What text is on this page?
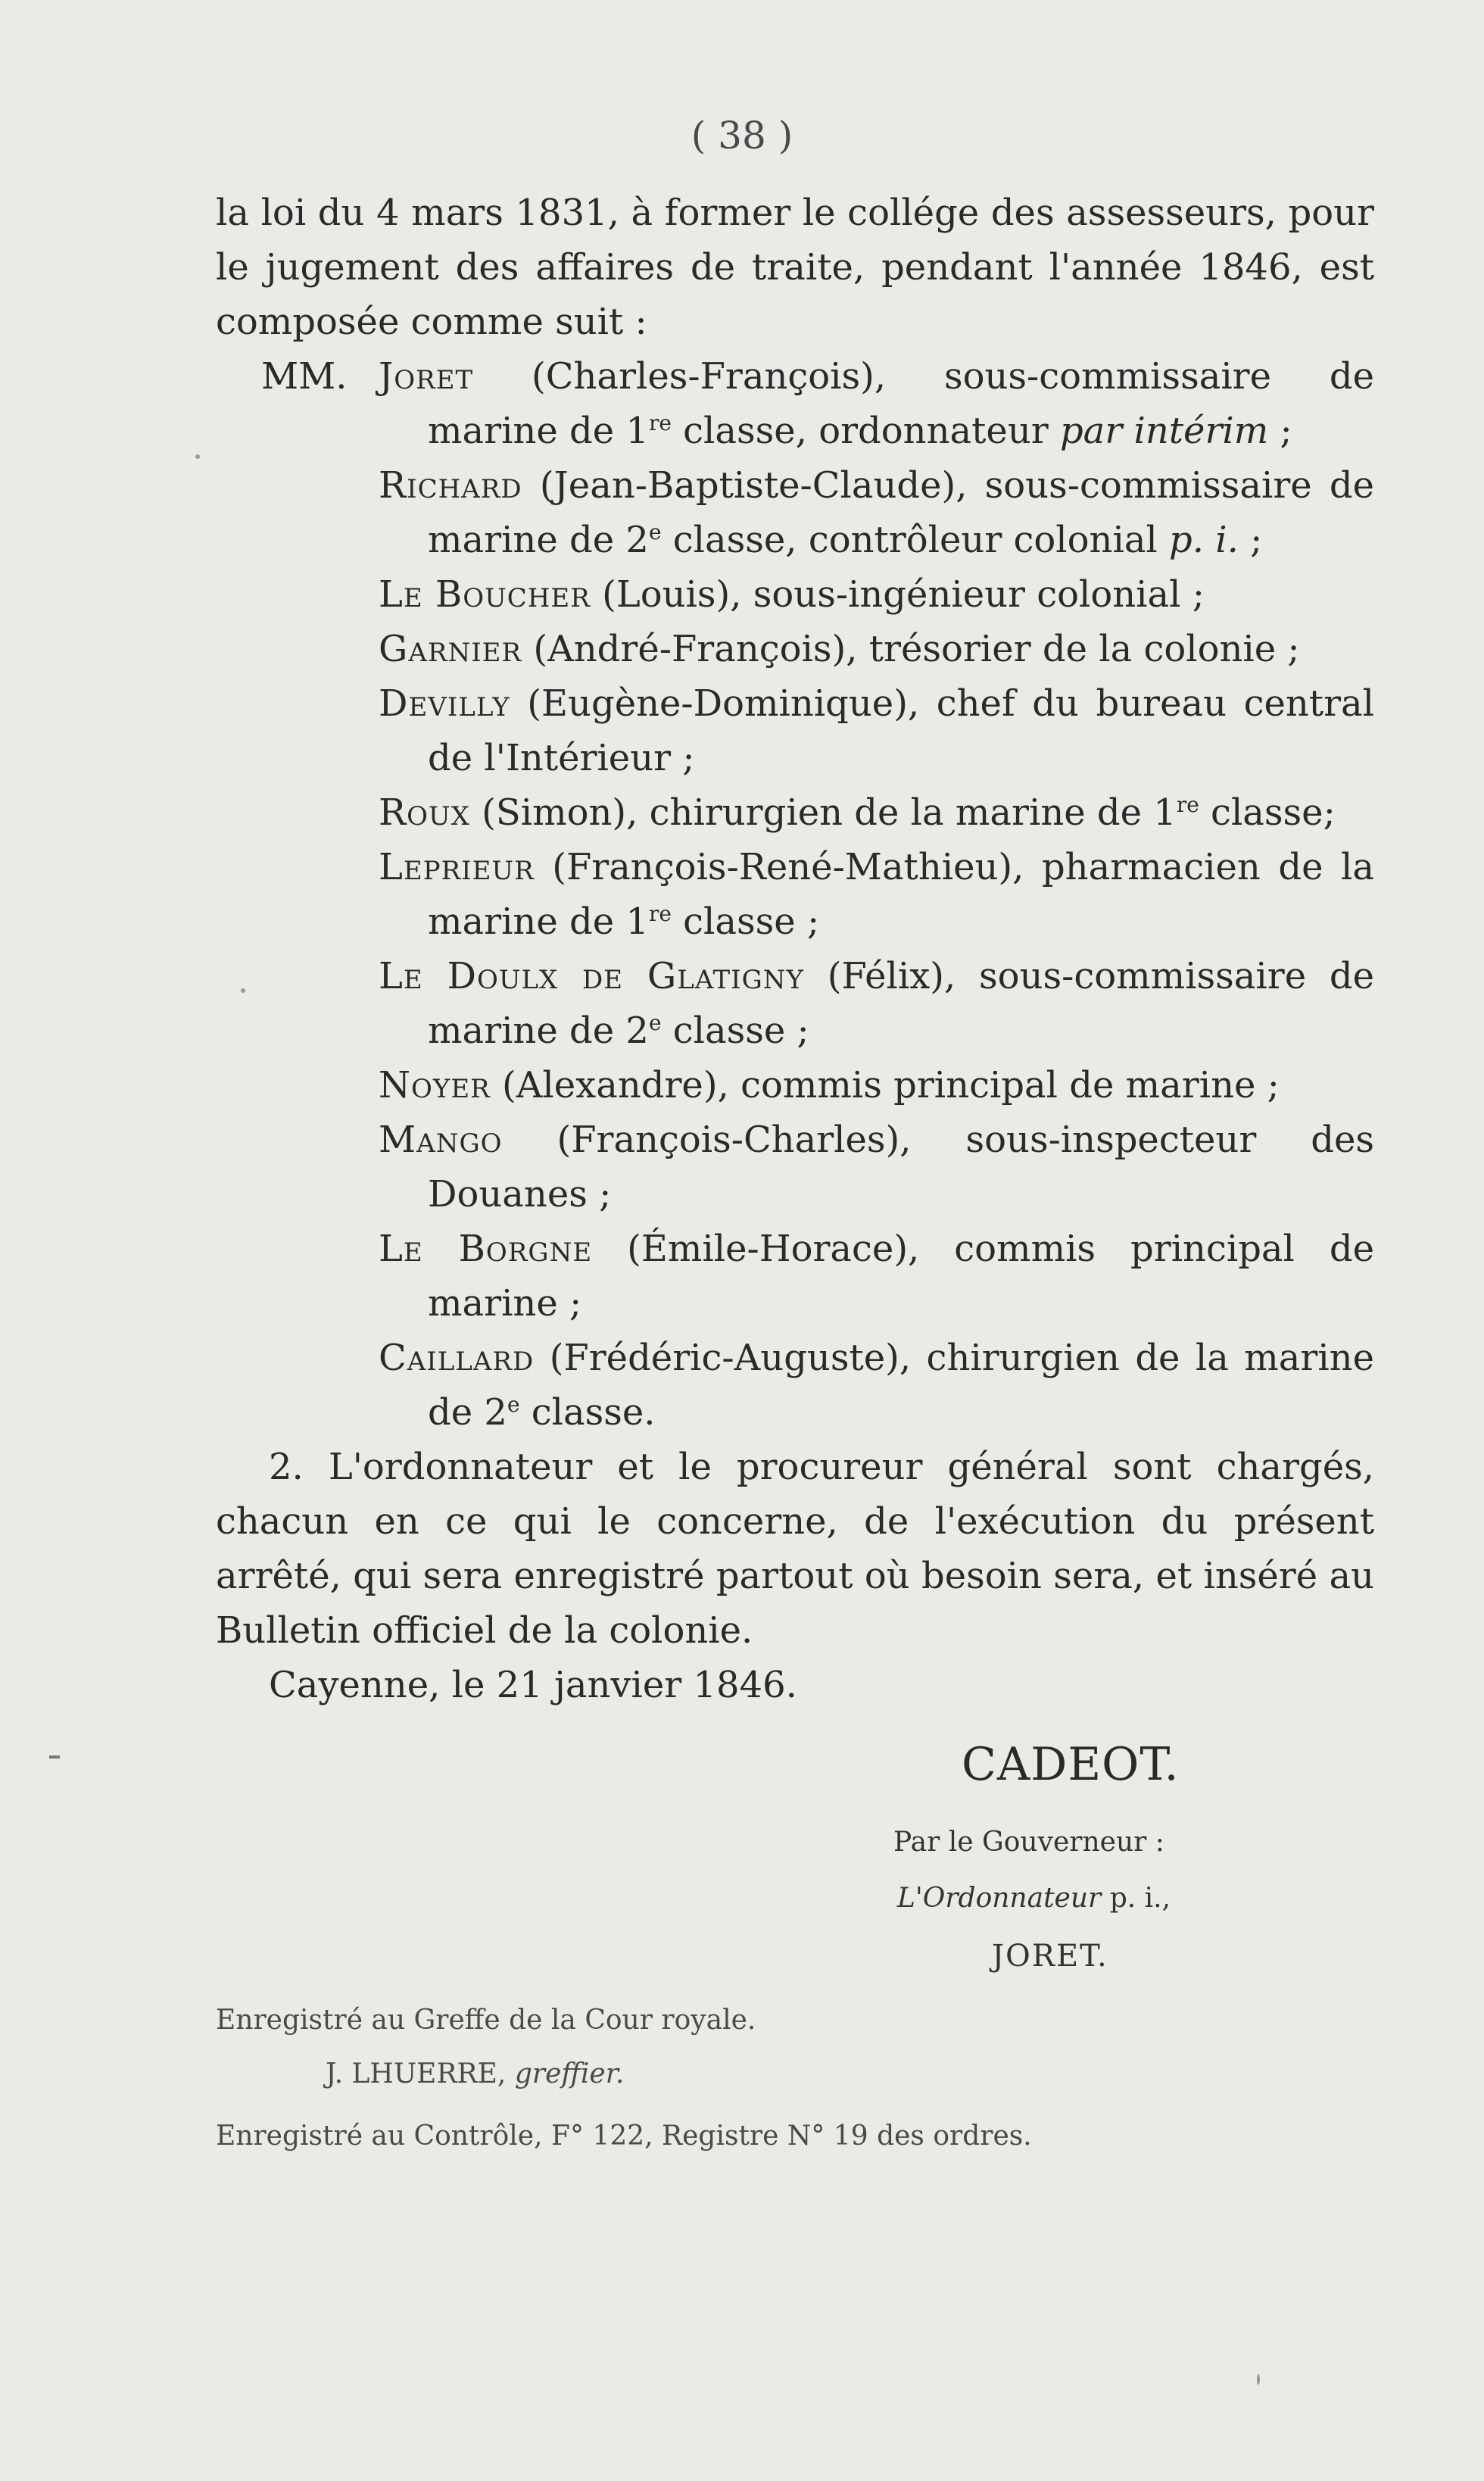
( 38 )

la loi du 4 mars 1831, à former le collége des assesseurs, pour le jugement des affaires de traite, pendant l'année 1846, est composée comme suit :

MM. Joret (Charles-François), sous-commissaire de marine de 1re classe, ordonnateur par intérim ;
Richard (Jean-Baptiste-Claude), sous-commissaire de marine de 2e classe, contrôleur colonial p. i. ;
Le Boucher (Louis), sous-ingénieur colonial ;
Garnier (André-François), trésorier de la colonie ;
Devilly (Eugène-Dominique), chef du bureau central de l'Intérieur ;
Roux (Simon), chirurgien de la marine de 1re classe;
Leprieur (François-René-Mathieu), pharmacien de la marine de 1re classe ;
Le Doulx de Glatigny (Félix), sous-commissaire de marine de 2e classe ;
Noyer (Alexandre), commis principal de marine ;
Mango (François-Charles), sous-inspecteur des Douanes ;
Le Borgne (Émile-Horace), commis principal de marine ;
Caillard (Frédéric-Auguste), chirurgien de la marine de 2e classe.

2. L'ordonnateur et le procureur général sont chargés, chacun en ce qui le concerne, de l'exécution du présent arrêté, qui sera enregistré partout où besoin sera, et inséré au Bulletin officiel de la colonie.

Cayenne, le 21 janvier 1846.

CADEOT.
Par le Gouverneur :
L'Ordonnateur p. i.,
JORET.
Enregistré au Greffe de la Cour royale.
J. LHUERRE, greffier.
Enregistré au Contrôle, F° 122, Registre N° 19 des ordres.
